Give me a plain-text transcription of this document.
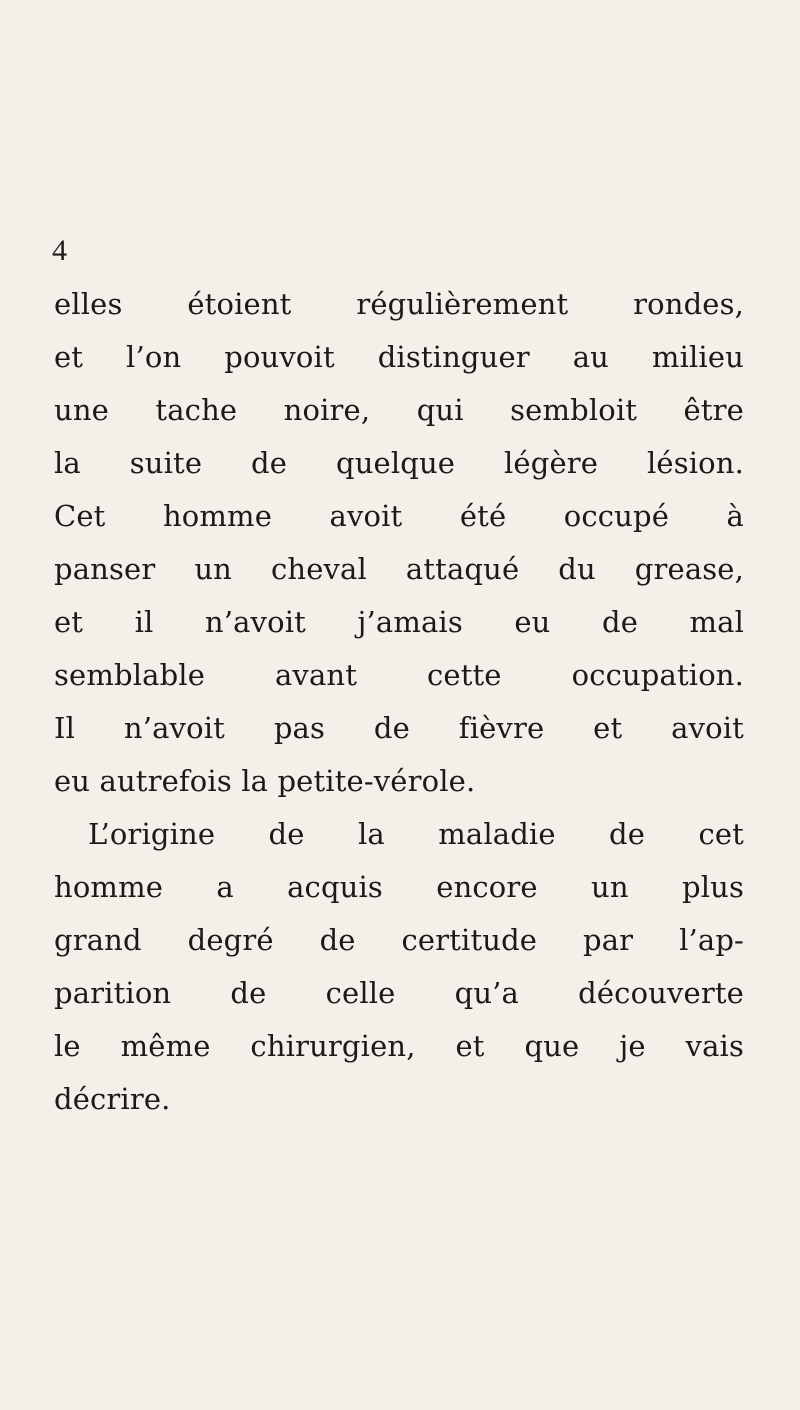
4
elles étoient régulièrement rondes,
et l’on pouvoit distinguer au milieu
une tache noire, qui sembloit être
la suite de quelque légère lésion.
Cet homme avoit été occupé à
panser un cheval attaqué du grease,
et il n’avoit j’amais eu de mal
semblable avant cette occupation.
Il n’avoit pas de fièvre et avoit
eu autrefois la petite-vérole.
L’origine de la maladie de cet
homme a acquis encore un plus
grand degré de certitude par l’ap-
parition de celle qu’a découverte
le même chirurgien, et que je vais
décrire.
